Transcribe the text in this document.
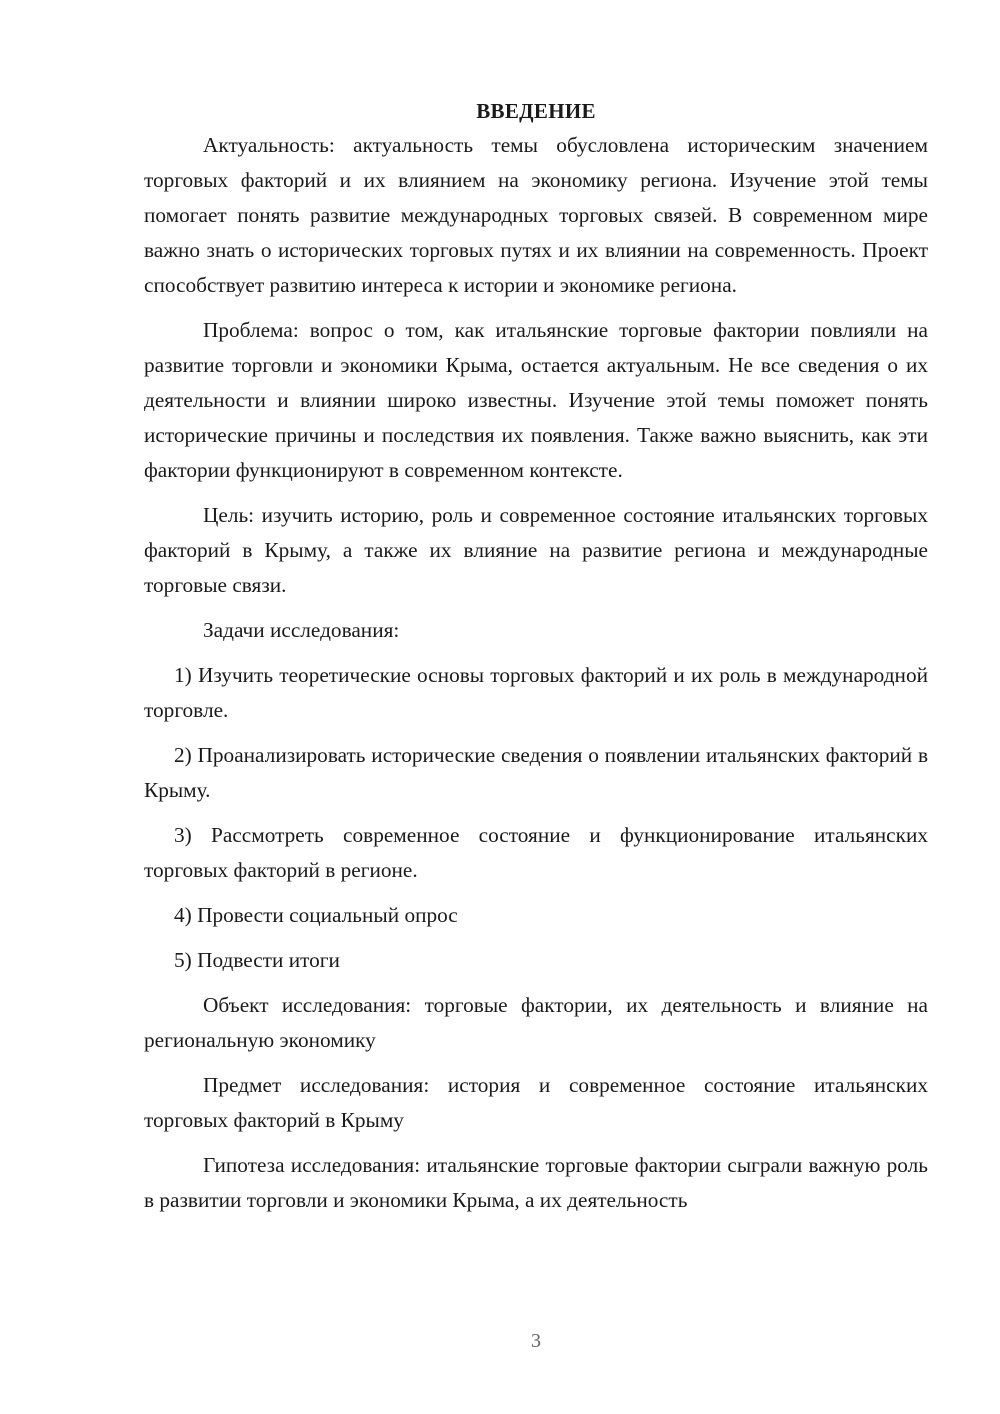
ВВЕДЕНИЕ

Актуальность: актуальность темы обусловлена историческим значением торговых факторий и их влиянием на экономику региона. Изучение этой темы помогает понять развитие международных торговых связей. В современном мире важно знать о исторических торговых путях и их влиянии на современность. Проект способствует развитию интереса к истории и экономике региона.

Проблема: вопрос о том, как итальянские торговые фактории повлияли на развитие торговли и экономики Крыма, остается актуальным. Не все сведения о их деятельности и влиянии широко известны. Изучение этой темы поможет понять исторические причины и последствия их появления. Также важно выяснить, как эти фактории функционируют в современном контексте.

Цель: изучить историю, роль и современное состояние итальянских торговых факторий в Крыму, а также их влияние на развитие региона и международные торговые связи.

Задачи исследования:

1) Изучить теоретические основы торговых факторий и их роль в международной торговле.

2) Проанализировать исторические сведения о появлении итальянских факторий в Крыму.

3) Рассмотреть современное состояние и функционирование итальянских торговых факторий в регионе.

4) Провести социальный опрос

5) Подвести итоги

Объект исследования: торговые фактории, их деятельность и влияние на региональную экономику

Предмет исследования: история и современное состояние итальянских торговых факторий в Крыму

Гипотеза исследования: итальянские торговые фактории сыграли важную роль в развитии торговли и экономики Крыма, а их деятельность

3
